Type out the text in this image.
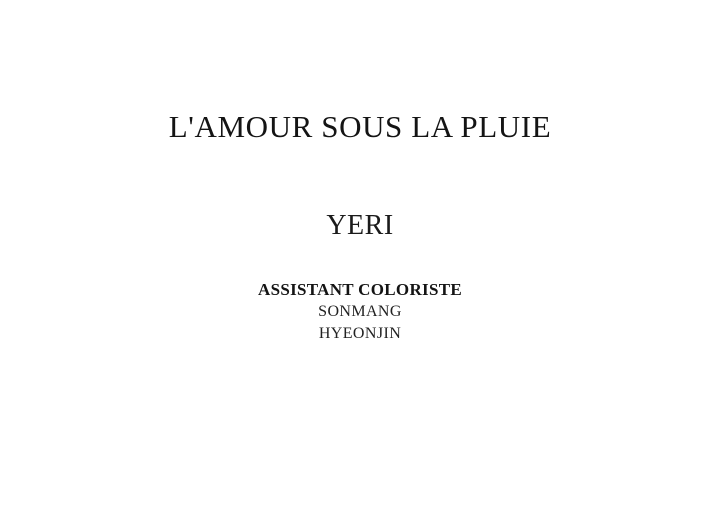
L'AMOUR SOUS LA PLUIE
YERI
ASSISTANT COLORISTE
SONMANG
HYEONJIN
